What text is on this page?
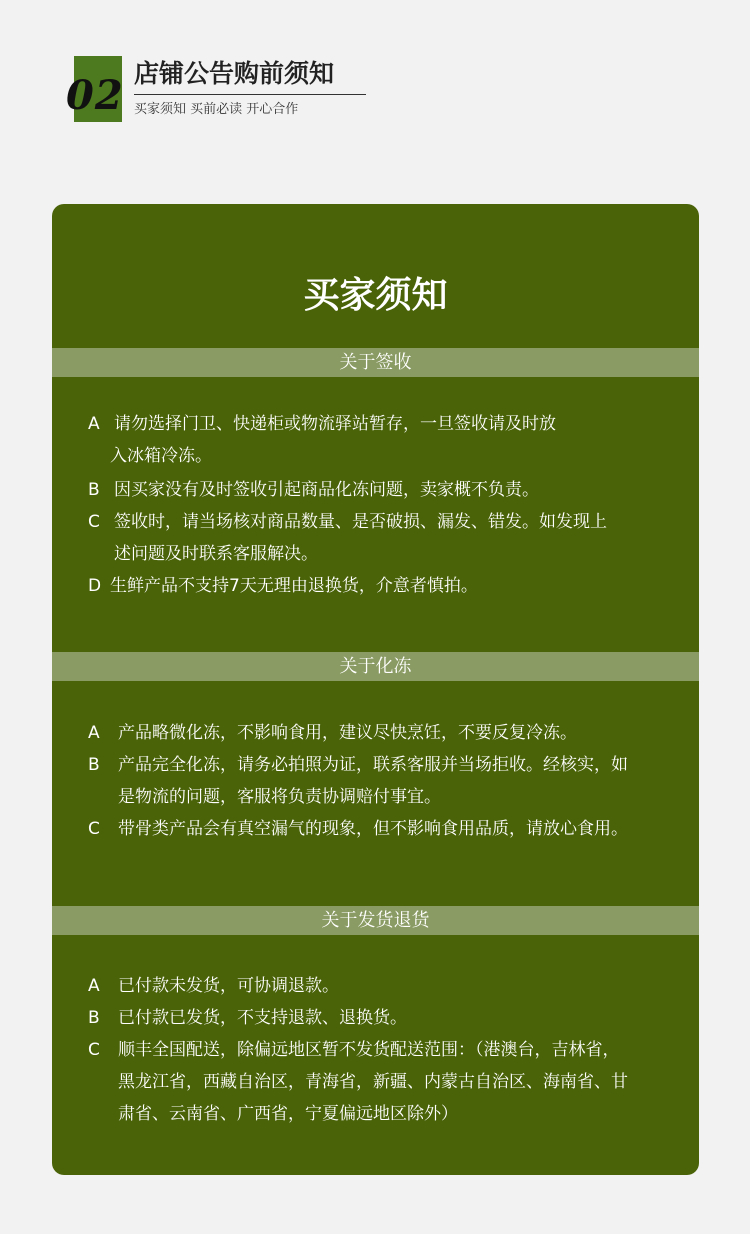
02 店铺公告购前须知
买家须知 买前必读 开心合作
买家须知
关于签收
A 请勿选择门卫、快递柜或物流驿站暂存，一旦签收请及时放
入冰箱冷冻。
B 因买家没有及时签收引起商品化冻问题，卖家概不负责。
C 签收时，请当场核对商品数量、是否破损、漏发、错发。如发现上
述问题及时联系客服解决。
D 生鲜产品不支持7天无理由退换货，介意者慎拍。
关于化冻
A	产品略微化冻，不影响食用，建议尽快烹饪，不要反复冷冻。
B	产品完全化冻，请务必拍照为证，联系客服并当场拒收。经核实，如
是物流的问题，客服将负责协调赔付事宜。
C	带骨类产品会有真空漏气的现象，但不影响食用品质，请放心食用。
关于发货退货
A	已付款未发货，可协调退款。
B	已付款已发货，不支持退款、退换货。
C	顺丰全国配送，除偏远地区暂不发货配送范围：（港澳台，吉林省，
黑龙江省，西藏自治区，青海省，新疆、内蒙古自治区、海南省、甘
肃省、云南省、广西省，宁夏偏远地区除外）
